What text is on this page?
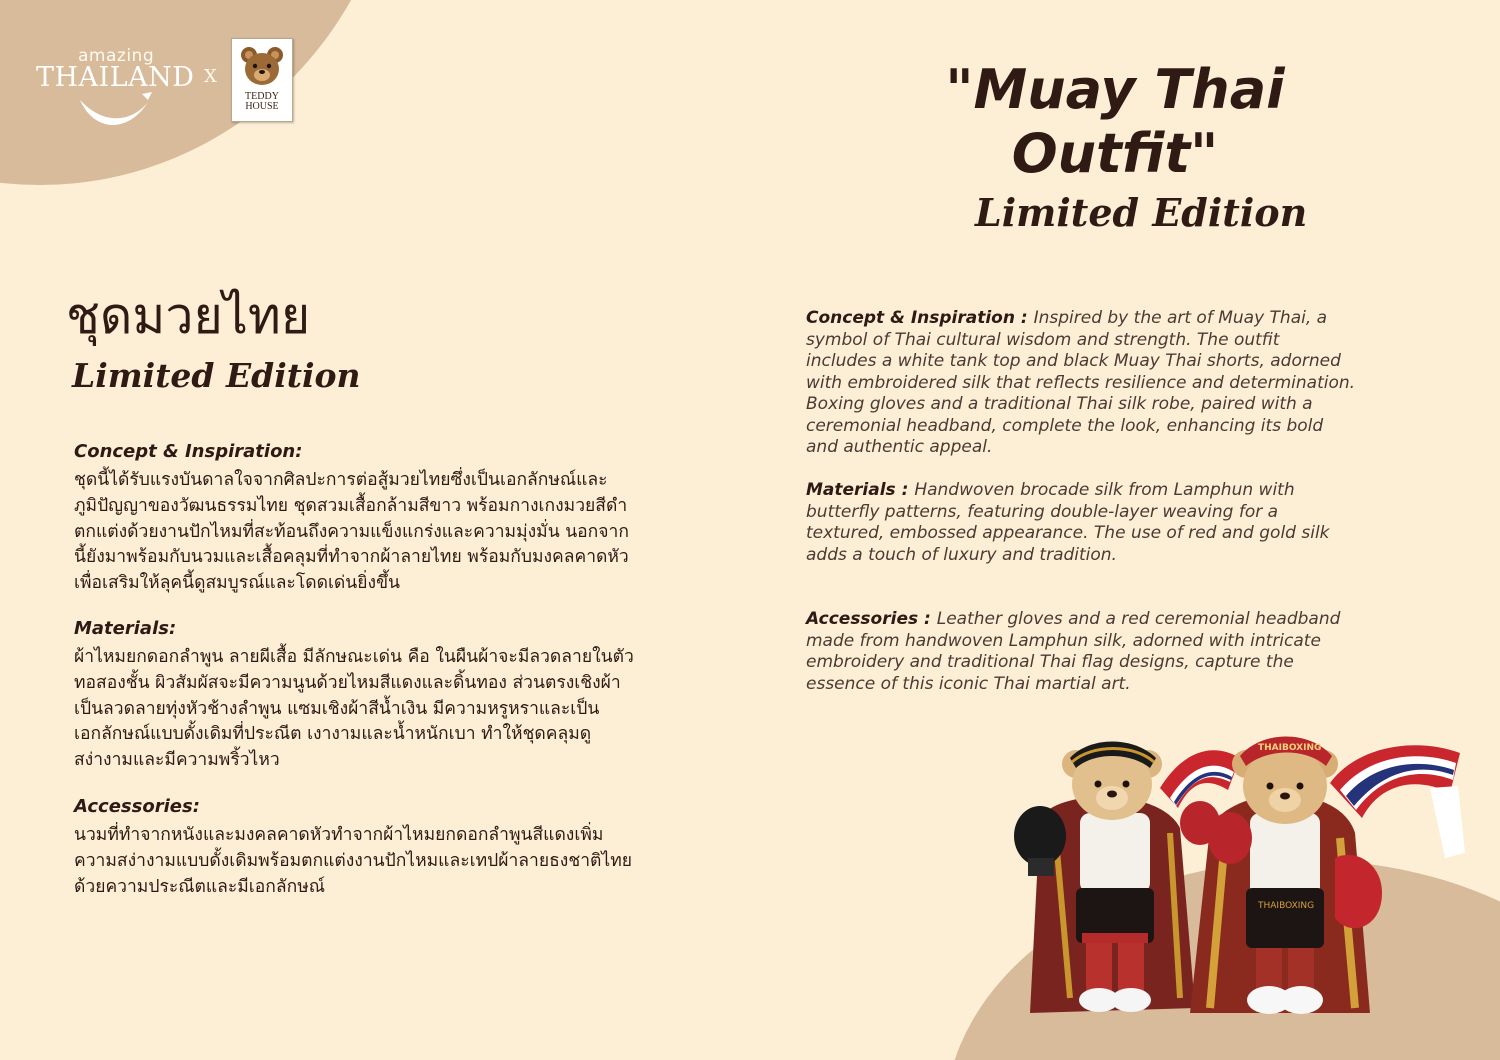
amazing
THAILAND X
TEDDY
HOUSE	"Muay Thai
Outfit"
Limited Edition
ชุดมวยไทย
Limited Edition

Concept & Inspiration:

ชุดนี้ได้รับแรงบันดาลใจจากศิลปะการต่อสู้มวยไทยซึ่งเป็นเอกลักษณ์และ
ภูมิปัญญาของวัฒนธรรมไทย ชุดสวมเสื้อกล้ามสีขาว พร้อมกางเกงมวยสีดำ
ตกแต่งด้วยงานปักไหมที่สะท้อนถึงความแข็งแกร่งและความมุ่งมั่น นอกจาก
นี้ยังมาพร้อมกับนวมและเสื้อคลุมที่ทำจากผ้าลายไทย พร้อมกับมงคลคาดหัว
เพื่อเสริมให้ลุคนี้ดูสมบูรณ์และโดดเด่นยิ่งขึ้น

Materials:

ผ้าไหมยกดอกลำพูน ลายผีเสื้อ มีลักษณะเด่น คือ ในผืนผ้าจะมีลวดลายในตัว
ทอสองชั้น ผิวสัมผัสจะมีความนูนด้วยไหมสีแดงและดิ้นทอง ส่วนตรงเชิงผ้า
เป็นลวดลายทุ่งหัวช้างลำพูน แซมเชิงผ้าสีน้ำเงิน มีความหรูหราและเป็น
เอกลักษณ์แบบดั้งเดิมที่ประณีต เงางามและน้ำหนักเบา ทำให้ชุดคลุมดู
สง่างามและมีความพริ้วไหว

Accessories:

นวมที่ทำจากหนังและมงคลคาดหัวทำจากผ้าไหมยกดอกลำพูนสีแดงเพิ่ม
ความสง่างามแบบดั้งเดิมพร้อมตกแต่งงานปักไหมและเทปผ้าลายธงชาติไทย
ด้วยความประณีตและมีเอกลักษณ์

Concept & Inspiration : Inspired by the art of Muay Thai, a
symbol of Thai cultural wisdom and strength. The outfit
includes a white tank top and black Muay Thai shorts, adorned
with embroidered silk that reflects resilience and determination.
Boxing gloves and a traditional Thai silk robe, paired with a
ceremonial headband, complete the look, enhancing its bold
and authentic appeal.
Materials : Handwoven brocade silk from Lamphun with
butterfly patterns, featuring double-layer weaving for a
textured, embossed appearance. The use of red and gold silk
adds a touch of luxury and tradition.
Accessories : Leather gloves and a red ceremonial headband
made from handwoven Lamphun silk, adorned with intricate
embroidery and traditional Thai flag designs, capture the
essence of this iconic Thai martial art.
THAIBOXING
THAIBOXING
